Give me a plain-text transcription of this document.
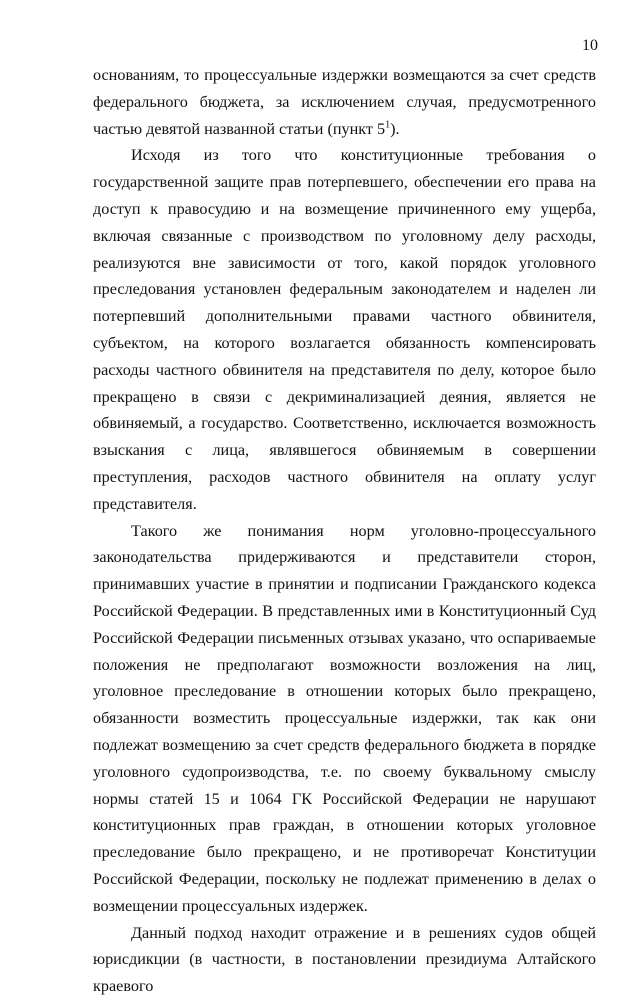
10

основаниям, то процессуальные издержки возмещаются за счет средств федерального бюджета, за исключением случая, предусмотренного частью девятой названной статьи (пункт $5^1$).

Исходя из того что конституционные требования о государственной защите прав потерпевшего, обеспечении его права на доступ к правосудию и на возмещение причиненного ему ущерба, включая связанные с производством по уголовному делу расходы, реализуются вне зависимости от того, какой порядок уголовного преследования установлен федеральным законодателем и наделен ли потерпевший дополнительными правами частного обвинителя, субъектом, на которого возлагается обязанность компенсировать расходы частного обвинителя на представителя по делу, которое было прекращено в связи с декриминализацией деяния, является не обвиняемый, а государство. Соответственно, исключается возможность взыскания с лица, являвшегося обвиняемым в совершении преступления, расходов частного обвинителя на оплату услуг представителя.

Такого же понимания норм уголовно-процессуального законодательства придерживаются и представители сторон, принимавших участие в принятии и подписании Гражданского кодекса Российской Федерации. В представленных ими в Конституционный Суд Российской Федерации письменных отзывах указано, что оспариваемые положения не предполагают возможности возложения на лиц, уголовное преследование в отношении которых было прекращено, обязанности возместить процессуальные издержки, так как они подлежат возмещению за счет средств федерального бюджета в порядке уголовного судопроизводства, т.е. по своему буквальному смыслу нормы статей 15 и 1064 ГК Российской Федерации не нарушают конституционных прав граждан, в отношении которых уголовное преследование было прекращено, и не противоречат Конституции Российской Федерации, поскольку не подлежат применению в делах о возмещении процессуальных издержек.

Данный подход находит отражение и в решениях судов общей юрисдикции (в частности, в постановлении президиума Алтайского краевого
